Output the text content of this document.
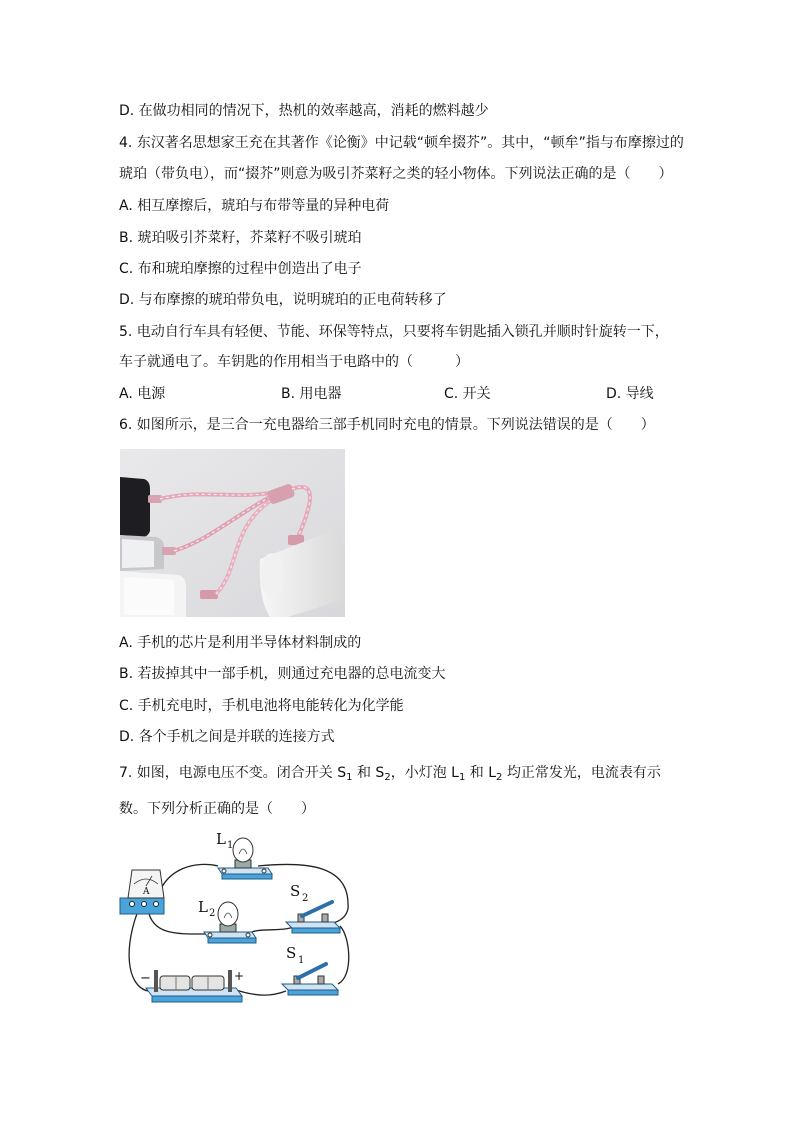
D. 在做功相同的情况下，热机的效率越高，消耗的燃料越少
4. 东汉著名思想家王充在其著作《论衡》中记载“顿牟掇芥”。其中，“顿牟”指与布摩擦过的
琥珀（带负电），而“掇芥”则意为吸引芥菜籽之类的轻小物体。下列说法正确的是（　　）
A. 相互摩擦后，琥珀与布带等量的异种电荷
B. 琥珀吸引芥菜籽，芥菜籽不吸引琥珀
C. 布和琥珀摩擦的过程中创造出了电子
D. 与布摩擦的琥珀带负电，说明琥珀的正电荷转移了
5. 电动自行车具有轻便、节能、环保等特点，只要将车钥匙插入锁孔并顺时针旋转一下，
车子就通电了。车钥匙的作用相当于电路中的（　　　）
A. 电源	B. 用电器	C. 开关	D. 导线
6. 如图所示，是三合一充电器给三部手机同时充电的情景。下列说法错误的是（　　）
A. 手机的芯片是利用半导体材料制成的
B. 若拔掉其中一部手机，则通过充电器的总电流变大
C. 手机充电时，手机电池将电能转化为化学能
D. 各个手机之间是并联的连接方式
7. 如图，电源电压不变。闭合开关 $S_1$ 和 $S_2$，小灯泡 $L_1$ 和 $L_2$ 均正常发光，电流表有示
数。下列分析正确的是（　　）
A
L 1
L 2
S 2
S 1
−	+
